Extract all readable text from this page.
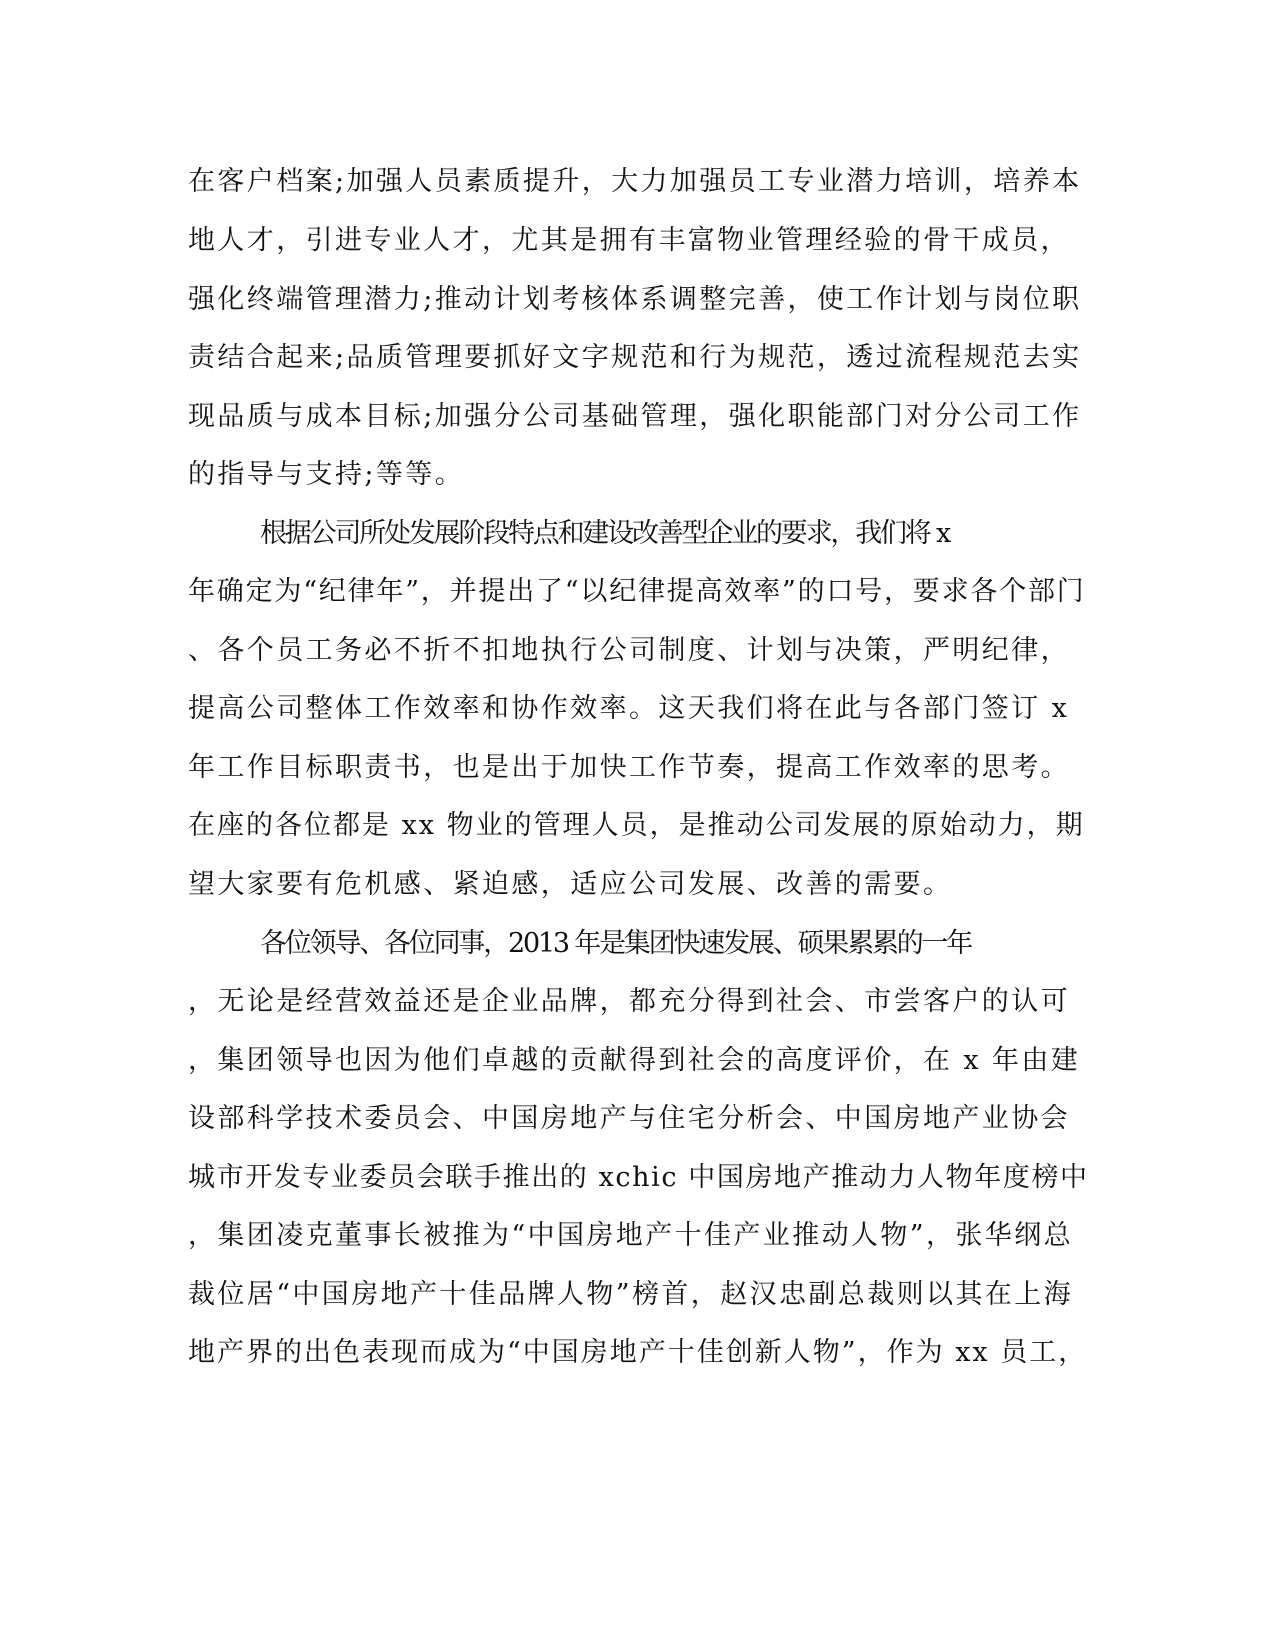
在客户档案;加强人员素质提升，大力加强员工专业潜力培训，培养本
地人才，引进专业人才，尤其是拥有丰富物业管理经验的骨干成员，
强化终端管理潜力;推动计划考核体系调整完善，使工作计划与岗位职
责结合起来;品质管理要抓好文字规范和行为规范，透过流程规范去实
现品质与成本目标;加强分公司基础管理，强化职能部门对分公司工作
的指导与支持;等等。
根据公司所处发展阶段特点和建设改善型企业的要求，我们将 x
年确定为“纪律年”，并提出了“以纪律提高效率”的口号，要求各个部门
、各个员工务必不折不扣地执行公司制度、计划与决策，严明纪律，
提高公司整体工作效率和协作效率。这天我们将在此与各部门签订 x
年工作目标职责书，也是出于加快工作节奏，提高工作效率的思考。
在座的各位都是 xx 物业的管理人员，是推动公司发展的原始动力，期
望大家要有危机感、紧迫感，适应公司发展、改善的需要。
各位领导、各位同事，2013 年是集团快速发展、硕果累累的一年
，无论是经营效益还是企业品牌，都充分得到社会、市尝客户的认可
，集团领导也因为他们卓越的贡献得到社会的高度评价，在 x 年由建
设部科学技术委员会、中国房地产与住宅分析会、中国房地产业协会
城市开发专业委员会联手推出的 xchic 中国房地产推动力人物年度榜中
，集团凌克董事长被推为“中国房地产十佳产业推动人物”，张华纲总
裁位居“中国房地产十佳品牌人物”榜首，赵汉忠副总裁则以其在上海
地产界的出色表现而成为“中国房地产十佳创新人物”，作为 xx 员工，
